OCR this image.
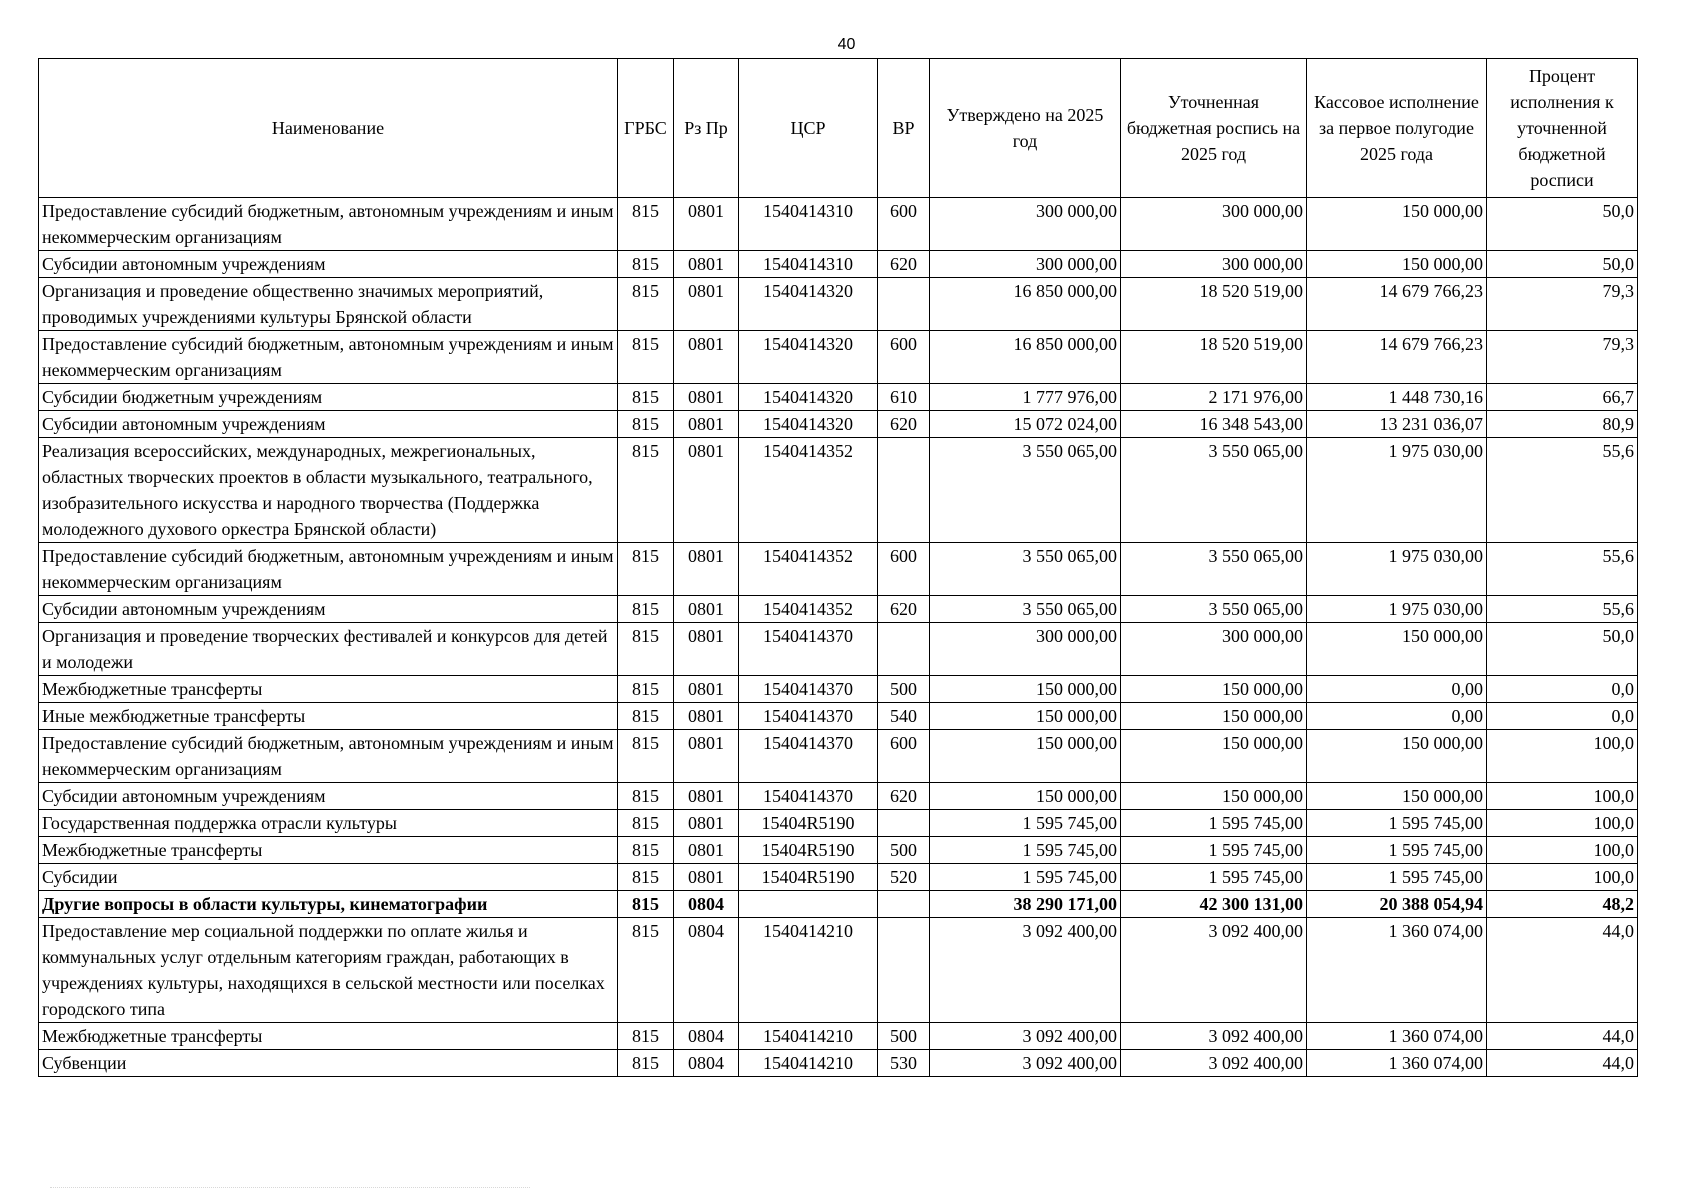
40
Наименование	ГРБС	Рз Пр	ЦСР	ВР	Утверждено на 2025 год	Уточненная бюджетная роспись на 2025 год	Кассовое исполнение за первое полугодие 2025 года	Процент исполнения к уточненной бюджетной росписи
Предоставление субсидий бюджетным, автономным учреждениям и иным некоммерческим организациям	815	0801	1540414310	600	300 000,00	300 000,00	150 000,00	50,0
Субсидии автономным учреждениям	815	0801	1540414310	620	300 000,00	300 000,00	150 000,00	50,0
Организация и проведение общественно значимых мероприятий, проводимых учреждениями культуры Брянской области	815	0801	1540414320		16 850 000,00	18 520 519,00	14 679 766,23	79,3
Предоставление субсидий бюджетным, автономным учреждениям и иным некоммерческим организациям	815	0801	1540414320	600	16 850 000,00	18 520 519,00	14 679 766,23	79,3
Субсидии бюджетным учреждениям	815	0801	1540414320	610	1 777 976,00	2 171 976,00	1 448 730,16	66,7
Субсидии автономным учреждениям	815	0801	1540414320	620	15 072 024,00	16 348 543,00	13 231 036,07	80,9
Реализация всероссийских, международных, межрегиональных, областных творческих проектов в области музыкального, театрального, изобразительного искусства и народного творчества (Поддержка молодежного духового оркестра Брянской области)	815	0801	1540414352		3 550 065,00	3 550 065,00	1 975 030,00	55,6
Предоставление субсидий бюджетным, автономным учреждениям и иным некоммерческим организациям	815	0801	1540414352	600	3 550 065,00	3 550 065,00	1 975 030,00	55,6
Субсидии автономным учреждениям	815	0801	1540414352	620	3 550 065,00	3 550 065,00	1 975 030,00	55,6
Организация и проведение творческих фестивалей и конкурсов для детей и молодежи	815	0801	1540414370		300 000,00	300 000,00	150 000,00	50,0
Межбюджетные трансферты	815	0801	1540414370	500	150 000,00	150 000,00	0,00	0,0
Иные межбюджетные трансферты	815	0801	1540414370	540	150 000,00	150 000,00	0,00	0,0
Предоставление субсидий бюджетным, автономным учреждениям и иным некоммерческим организациям	815	0801	1540414370	600	150 000,00	150 000,00	150 000,00	100,0
Субсидии автономным учреждениям	815	0801	1540414370	620	150 000,00	150 000,00	150 000,00	100,0
Государственная поддержка отрасли культуры	815	0801	15404R5190		1 595 745,00	1 595 745,00	1 595 745,00	100,0
Межбюджетные трансферты	815	0801	15404R5190	500	1 595 745,00	1 595 745,00	1 595 745,00	100,0
Субсидии	815	0801	15404R5190	520	1 595 745,00	1 595 745,00	1 595 745,00	100,0
Другие вопросы в области культуры, кинематографии	815	0804			38 290 171,00	42 300 131,00	20 388 054,94	48,2
Предоставление мер социальной поддержки по оплате жилья и коммунальных услуг отдельным категориям граждан, работающих в учреждениях культуры, находящихся в сельской местности или поселках городского типа	815	0804	1540414210		3 092 400,00	3 092 400,00	1 360 074,00	44,0
Межбюджетные трансферты	815	0804	1540414210	500	3 092 400,00	3 092 400,00	1 360 074,00	44,0
Субвенции	815	0804	1540414210	530	3 092 400,00	3 092 400,00	1 360 074,00	44,0
